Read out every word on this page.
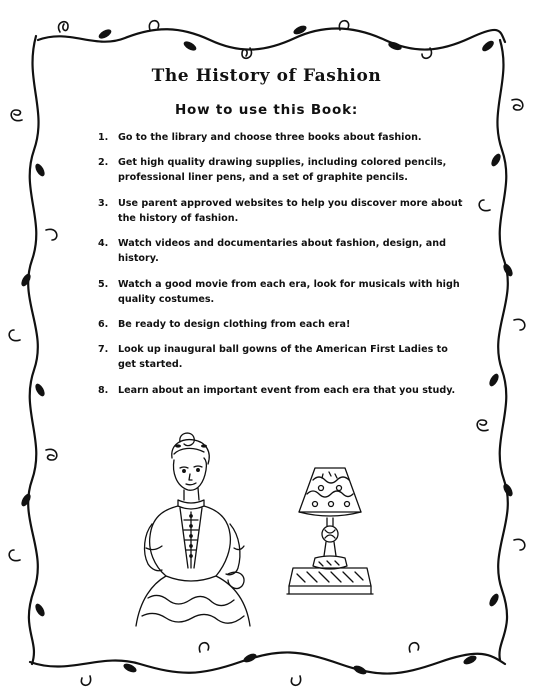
The History of Fashion
How to use this Book:
1.	Go to the library and choose three books about fashion.
2.	Get high quality drawing supplies, including colored pencils, professional liner pens, and a set of graphite pencils.
3.	Use parent approved websites to help you discover more about the history of fashion.
4.	Watch videos and documentaries about fashion, design, and history.
5.	Watch a good movie from each era, look for musicals with high quality costumes.
6.	Be ready to design clothing from each era!
7.	Look up inaugural ball gowns of the American First Ladies to get started.
8.	Learn about an important event from each era that you study.
